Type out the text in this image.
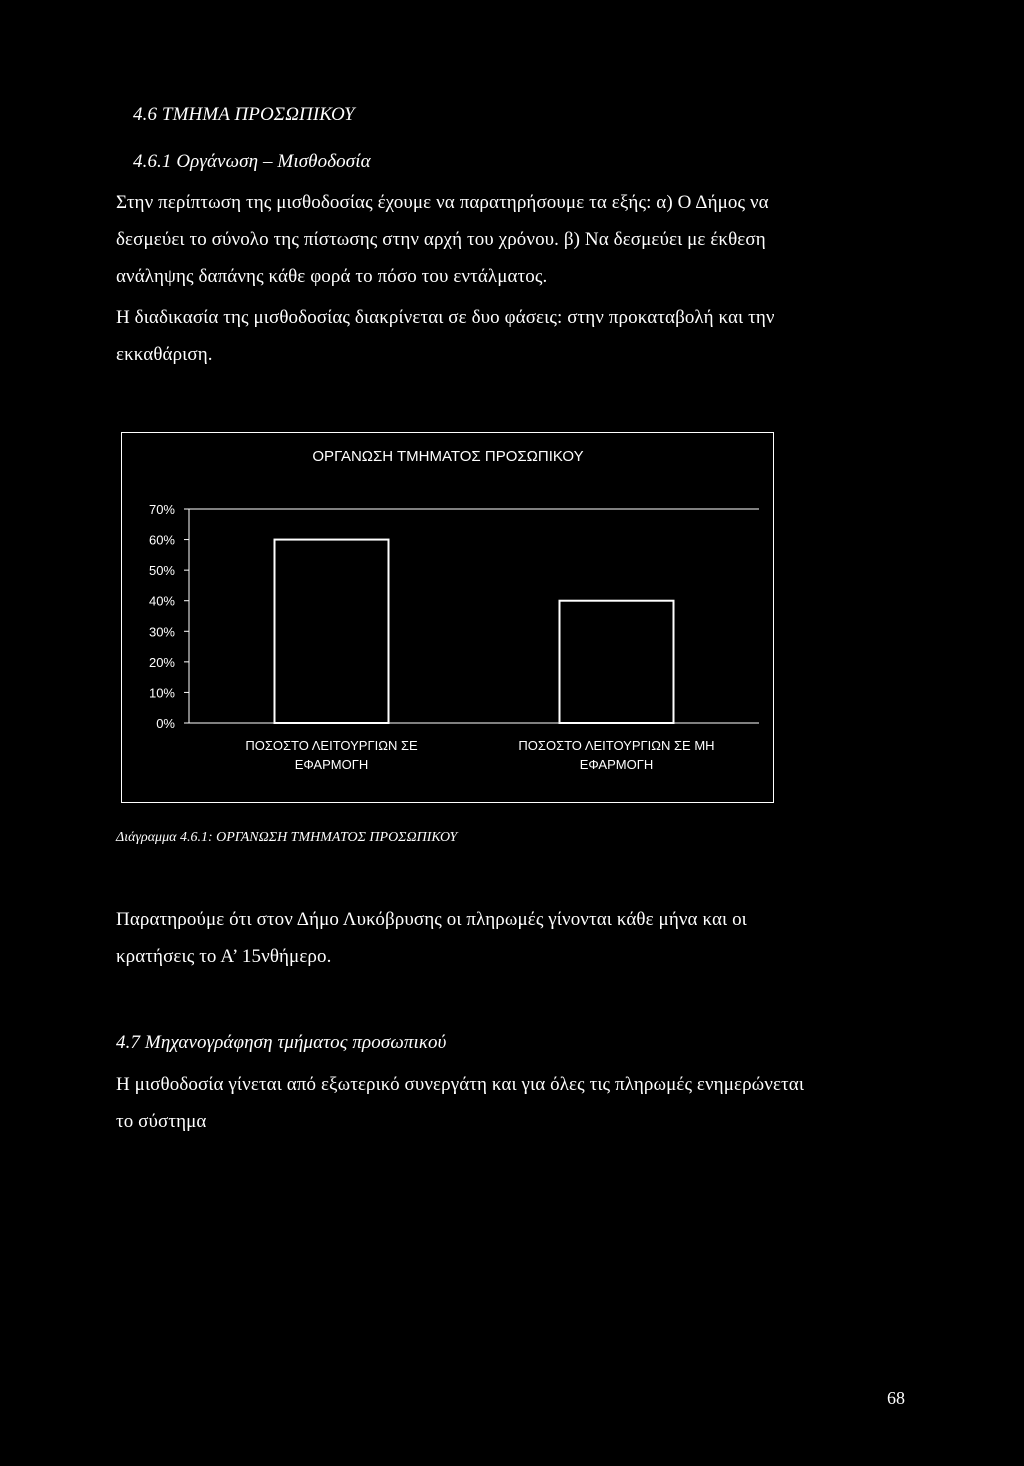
4.6 ΤΜΗΜΑ ΠΡΟΣΩΠΙΚΟΥ
4.6.1 Οργάνωση – Μισθοδοσία
Στην περίπτωση της μισθοδοσίας έχουμε να παρατηρήσουμε τα εξής: α) Ο Δήμος να
δεσμεύει το σύνολο της πίστωσης στην αρχή του χρόνου. β) Να δεσμεύει με έκθεση
ανάληψης δαπάνης κάθε φορά το πόσο του εντάλματος.
Η διαδικασία της μισθοδοσίας διακρίνεται σε δυο φάσεις: στην προκαταβολή και την
εκκαθάριση.
ΟΡΓΑΝΩΣΗ ΤΜΗΜΑΤΟΣ ΠΡΟΣΩΠΙΚΟΥ
0%
10%
20%
30%
40%
50%
60%
70%
ΠΟΣΟΣΤΟ ΛΕΙΤΟΥΡΓΙΩΝ ΣΕ
ΕΦΑΡΜΟΓΗ
ΠΟΣΟΣΤΟ ΛΕΙΤΟΥΡΓΙΩΝ ΣΕ ΜΗ
ΕΦΑΡΜΟΓΗ
Διάγραμμα 4.6.1: ΟΡΓΑΝΩΣΗ ΤΜΗΜΑΤΟΣ ΠΡΟΣΩΠΙΚΟΥ
Παρατηρούμε ότι στον Δήμο Λυκόβρυσης οι πληρωμές γίνονται κάθε μήνα και οι
κρατήσεις το Α’ 15νθήμερο.
4.7 Μηχανογράφηση τμήματος προσωπικού
Η μισθοδοσία γίνεται από εξωτερικό συνεργάτη και για όλες τις πληρωμές ενημερώνεται
το σύστημα
68
